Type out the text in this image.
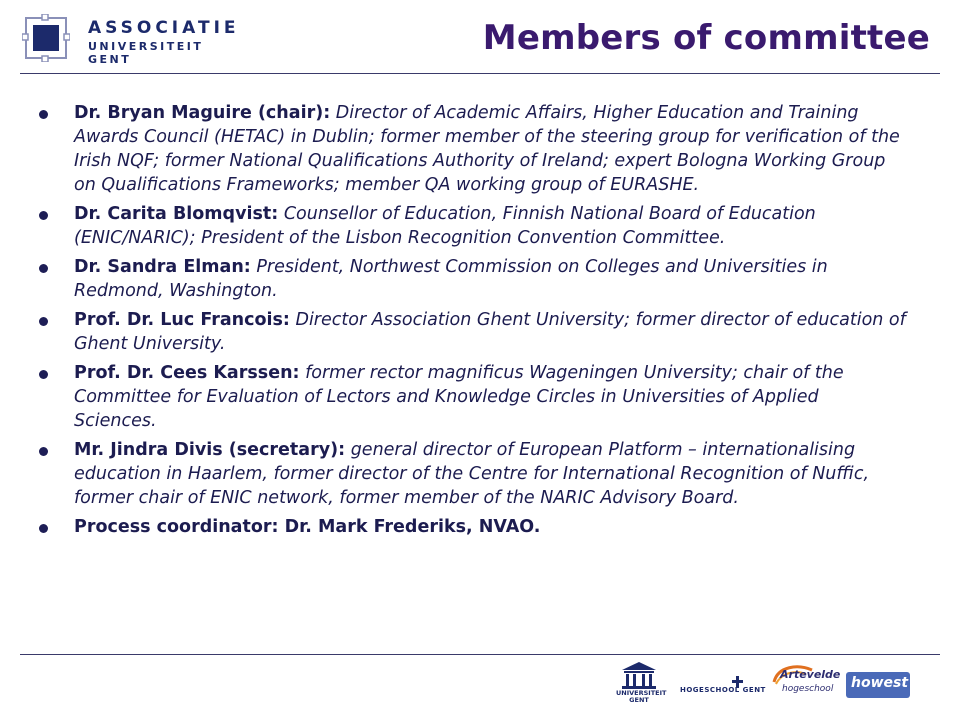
ASSOCIATIE
UNIVERSITEIT GENT
Members of committee
Dr. Bryan Maguire (chair): Director of Academic Affairs, Higher Education and Training Awards Council (HETAC) in Dublin; former member of the steering group for verification of the Irish NQF; former National Qualifications Authority of Ireland; expert Bologna Working Group on Qualifications Frameworks; member QA working group of EURASHE.
Dr. Carita Blomqvist: Counsellor of Education, Finnish National Board of Education (ENIC/NARIC); President of the Lisbon Recognition Convention Committee.
Dr. Sandra Elman: President, Northwest Commission on Colleges and Universities in Redmond, Washington.
Prof. Dr. Luc Francois: Director Association Ghent University; former director of education of Ghent University.
Prof. Dr. Cees Karssen: former rector magnificus Wageningen University; chair of the Committee for Evaluation of Lectors and Knowledge Circles in Universities of Applied Sciences.
Mr. Jindra Divis (secretary): general director of European Platform – internationalising education in Haarlem, former director of the Centre for International Recognition of Nuffic, former chair of ENIC network, former member of the NARIC Advisory Board.
Process coordinator: Dr. Mark Frederiks, NVAO.
UNIVERSITEIT GENT
HOGESCHOOL GENT
Artevelde
hogeschool howest
